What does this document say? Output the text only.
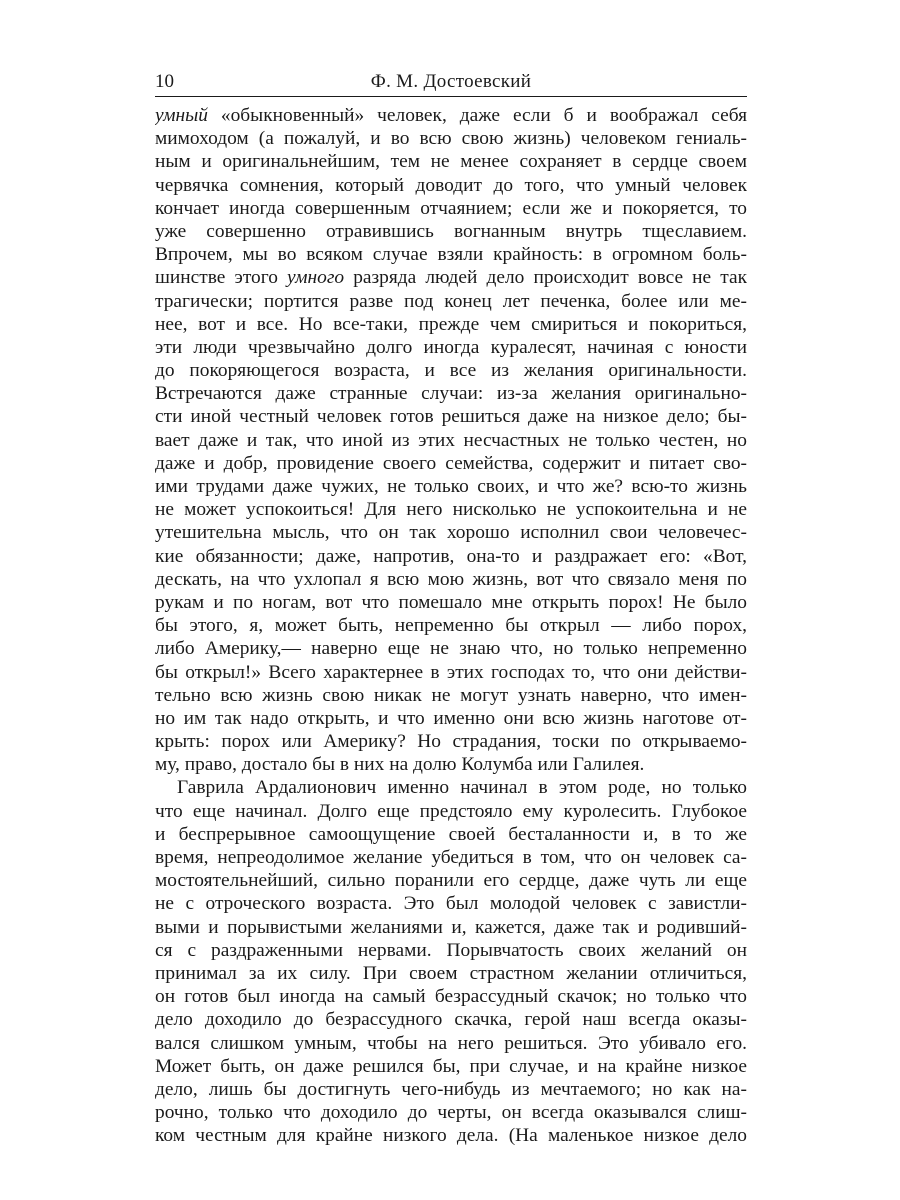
10	Ф. М. Достоевский
умный «обыкновенный» человек, даже если б и воображал себя
мимоходом (а пожалуй, и во всю свою жизнь) человеком гениаль-
ным и оригинальнейшим, тем не менее сохраняет в сердце своем
червячка сомнения, который доводит до того, что умный человек
кончает иногда совершенным отчаянием; если же и покоряется, то
уже совершенно отравившись вогнанным внутрь тщеславием.
Впрочем, мы во всяком случае взяли крайность: в огромном боль-
шинстве этого умного разряда людей дело происходит вовсе не так
трагически; портится разве под конец лет печенка, более или ме-
нее, вот и все. Но все-таки, прежде чем смириться и покориться,
эти люди чрезвычайно долго иногда куралесят, начиная с юности
до покоряющегося возраста, и все из желания оригинальности.
Встречаются даже странные случаи: из-за желания оригинально-
сти иной честный человек готов решиться даже на низкое дело; бы-
вает даже и так, что иной из этих несчастных не только честен, но
даже и добр, провидение своего семейства, содержит и питает сво-
ими трудами даже чужих, не только своих, и что же? всю-то жизнь
не может успокоиться! Для него нисколько не успокоительна и не
утешительна мысль, что он так хорошо исполнил свои человечес-
кие обязанности; даже, напротив, она-то и раздражает его: «Вот,
дескать, на что ухлопал я всю мою жизнь, вот что связало меня по
рукам и по ногам, вот что помешало мне открыть порох! Не было
бы этого, я, может быть, непременно бы открыл — либо порох,
либо Америку,— наверно еще не знаю что, но только непременно
бы открыл!» Всего характернее в этих господах то, что они действи-
тельно всю жизнь свою никак не могут узнать наверно, что имен-
но им так надо открыть, и что именно они всю жизнь наготове от-
крыть: порох или Америку? Но страдания, тоски по открываемо-
му, право, достало бы в них на долю Колумба или Галилея.
Гаврила Ардалионович именно начинал в этом роде, но только
что еще начинал. Долго еще предстояло ему куролесить. Глубокое
и беспрерывное самоощущение своей бесталанности и, в то же
время, непреодолимое желание убедиться в том, что он человек са-
мостоятельнейший, сильно поранили его сердце, даже чуть ли еще
не с отроческого возраста. Это был молодой человек с завистли-
выми и порывистыми желаниями и, кажется, даже так и родивший-
ся с раздраженными нервами. Порывчатость своих желаний он
принимал за их силу. При своем страстном желании отличиться,
он готов был иногда на самый безрассудный скачок; но только что
дело доходило до безрассудного скачка, герой наш всегда оказы-
вался слишком умным, чтобы на него решиться. Это убивало его.
Может быть, он даже решился бы, при случае, и на крайне низкое
дело, лишь бы достигнуть чего-нибудь из мечтаемого; но как на-
рочно, только что доходило до черты, он всегда оказывался слиш-
ком честным для крайне низкого дела. (На маленькое низкое дело
